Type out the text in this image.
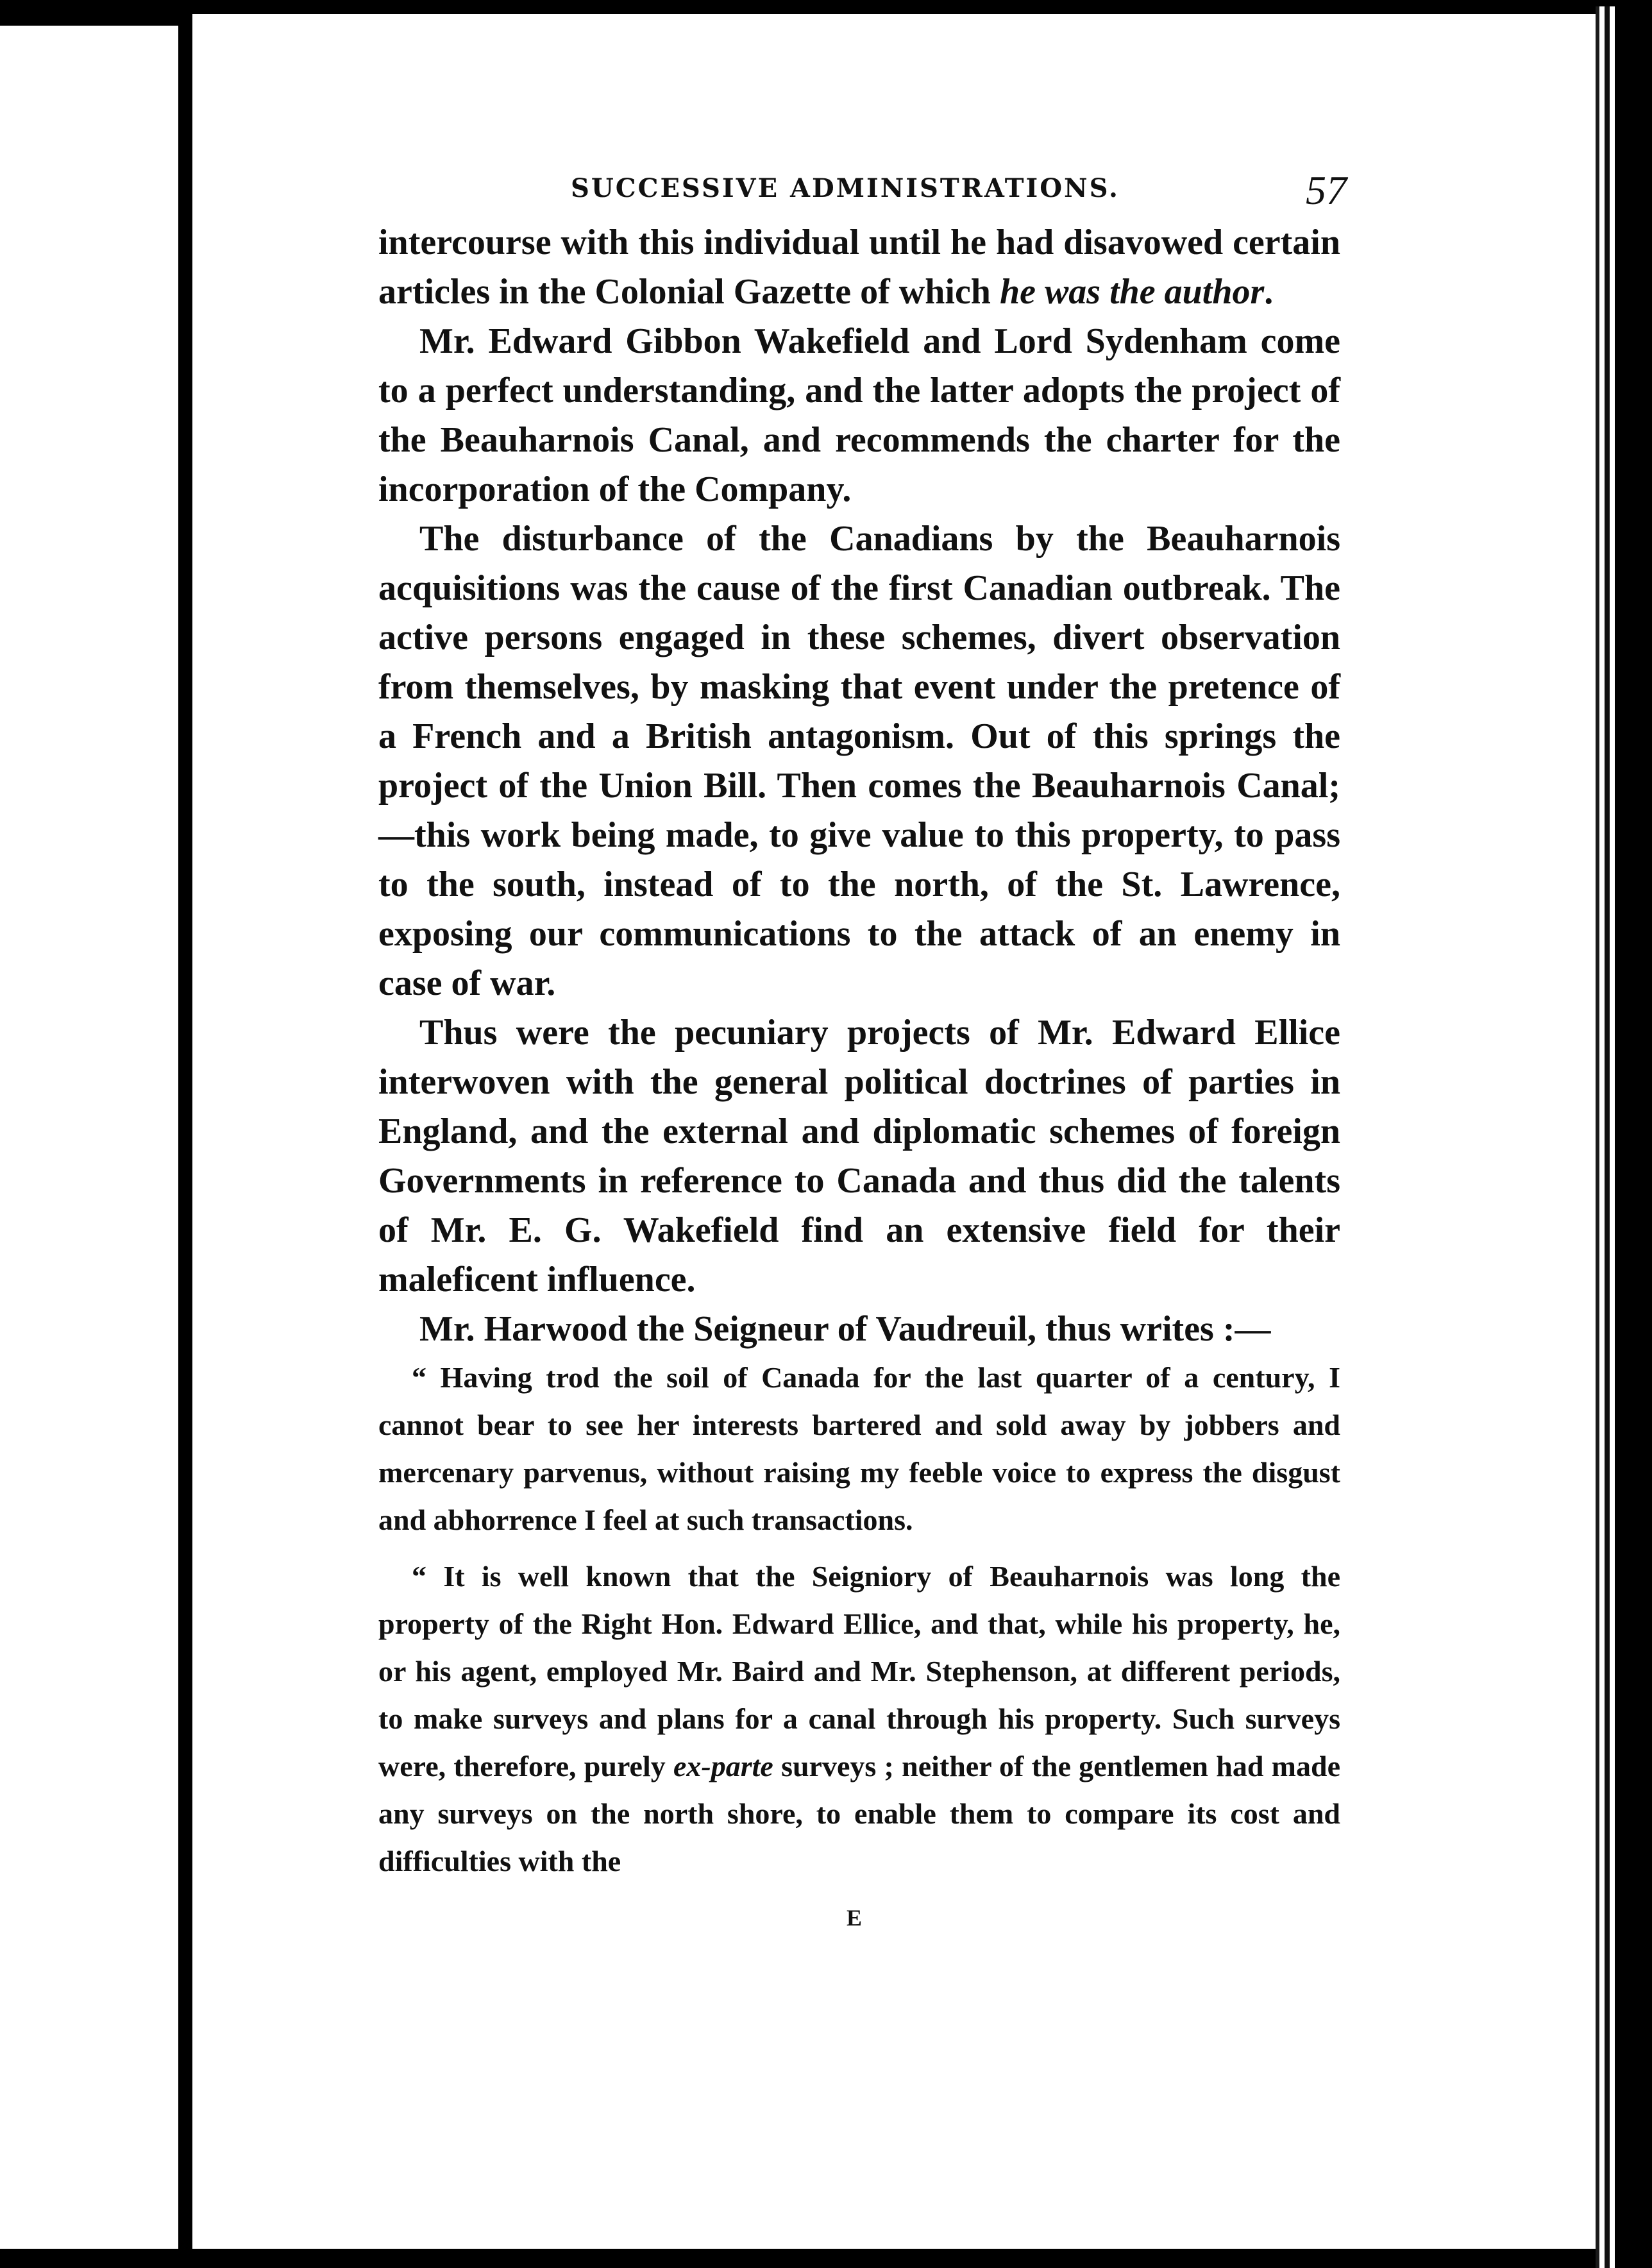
SUCCESSIVE ADMINISTRATIONS.	57

intercourse with this individual until he had disavowed certain articles in the Colonial Gazette of which he was the author.

Mr. Edward Gibbon Wakefield and Lord Sydenham come to a perfect understanding, and the latter adopts the project of the Beauharnois Canal, and recommends the charter for the incorporation of the Company.

The disturbance of the Canadians by the Beauharnois acquisitions was the cause of the first Canadian outbreak. The active persons engaged in these schemes, divert observation from themselves, by masking that event under the pretence of a French and a British antagonism. Out of this springs the project of the Union Bill. Then comes the Beauharnois Canal;—this work being made, to give value to this property, to pass to the south, instead of to the north, of the St. Lawrence, exposing our communications to the attack of an enemy in case of war.

Thus were the pecuniary projects of Mr. Edward Ellice interwoven with the general political doctrines of parties in England, and the external and diplomatic schemes of foreign Governments in reference to Canada and thus did the talents of Mr. E. G. Wakefield find an extensive field for their maleficent influence.

Mr. Harwood the Seigneur of Vaudreuil, thus writes :—

“ Having trod the soil of Canada for the last quarter of a century, I cannot bear to see her interests bartered and sold away by jobbers and mercenary parvenus, without raising my feeble voice to express the disgust and abhorrence I feel at such transactions.

“ It is well known that the Seigniory of Beauharnois was long the property of the Right Hon. Edward Ellice, and that, while his property, he, or his agent, employed Mr. Baird and Mr. Stephenson, at different periods, to make surveys and plans for a canal through his property. Such surveys were, therefore, purely ex-parte surveys ; neither of the gentlemen had made any surveys on the north shore, to enable them to compare its cost and difficulties with the

E
